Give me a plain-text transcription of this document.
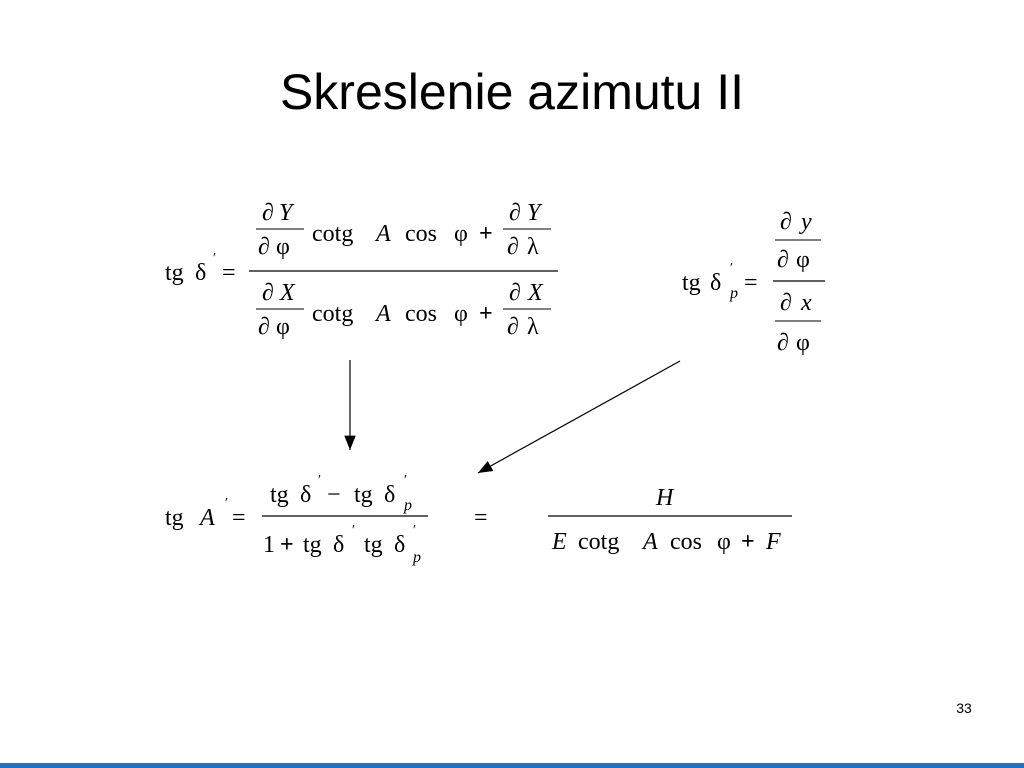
Skreslenie azimutu II
tg δ
′
=
∂ Y
∂ φ cotg A cos φ +
∂ Y
∂ λ
∂ X
∂ φ cotg A cos φ +
∂ X
∂ λ
tg δ
′
p =
∂ y
∂ φ
∂ x
∂ φ
tg A
′
=
tg δ
′
− tg δ
′
p
1 + tg δ
′
tg δ
′
p
=
H
E cotg A cos φ + F
33
